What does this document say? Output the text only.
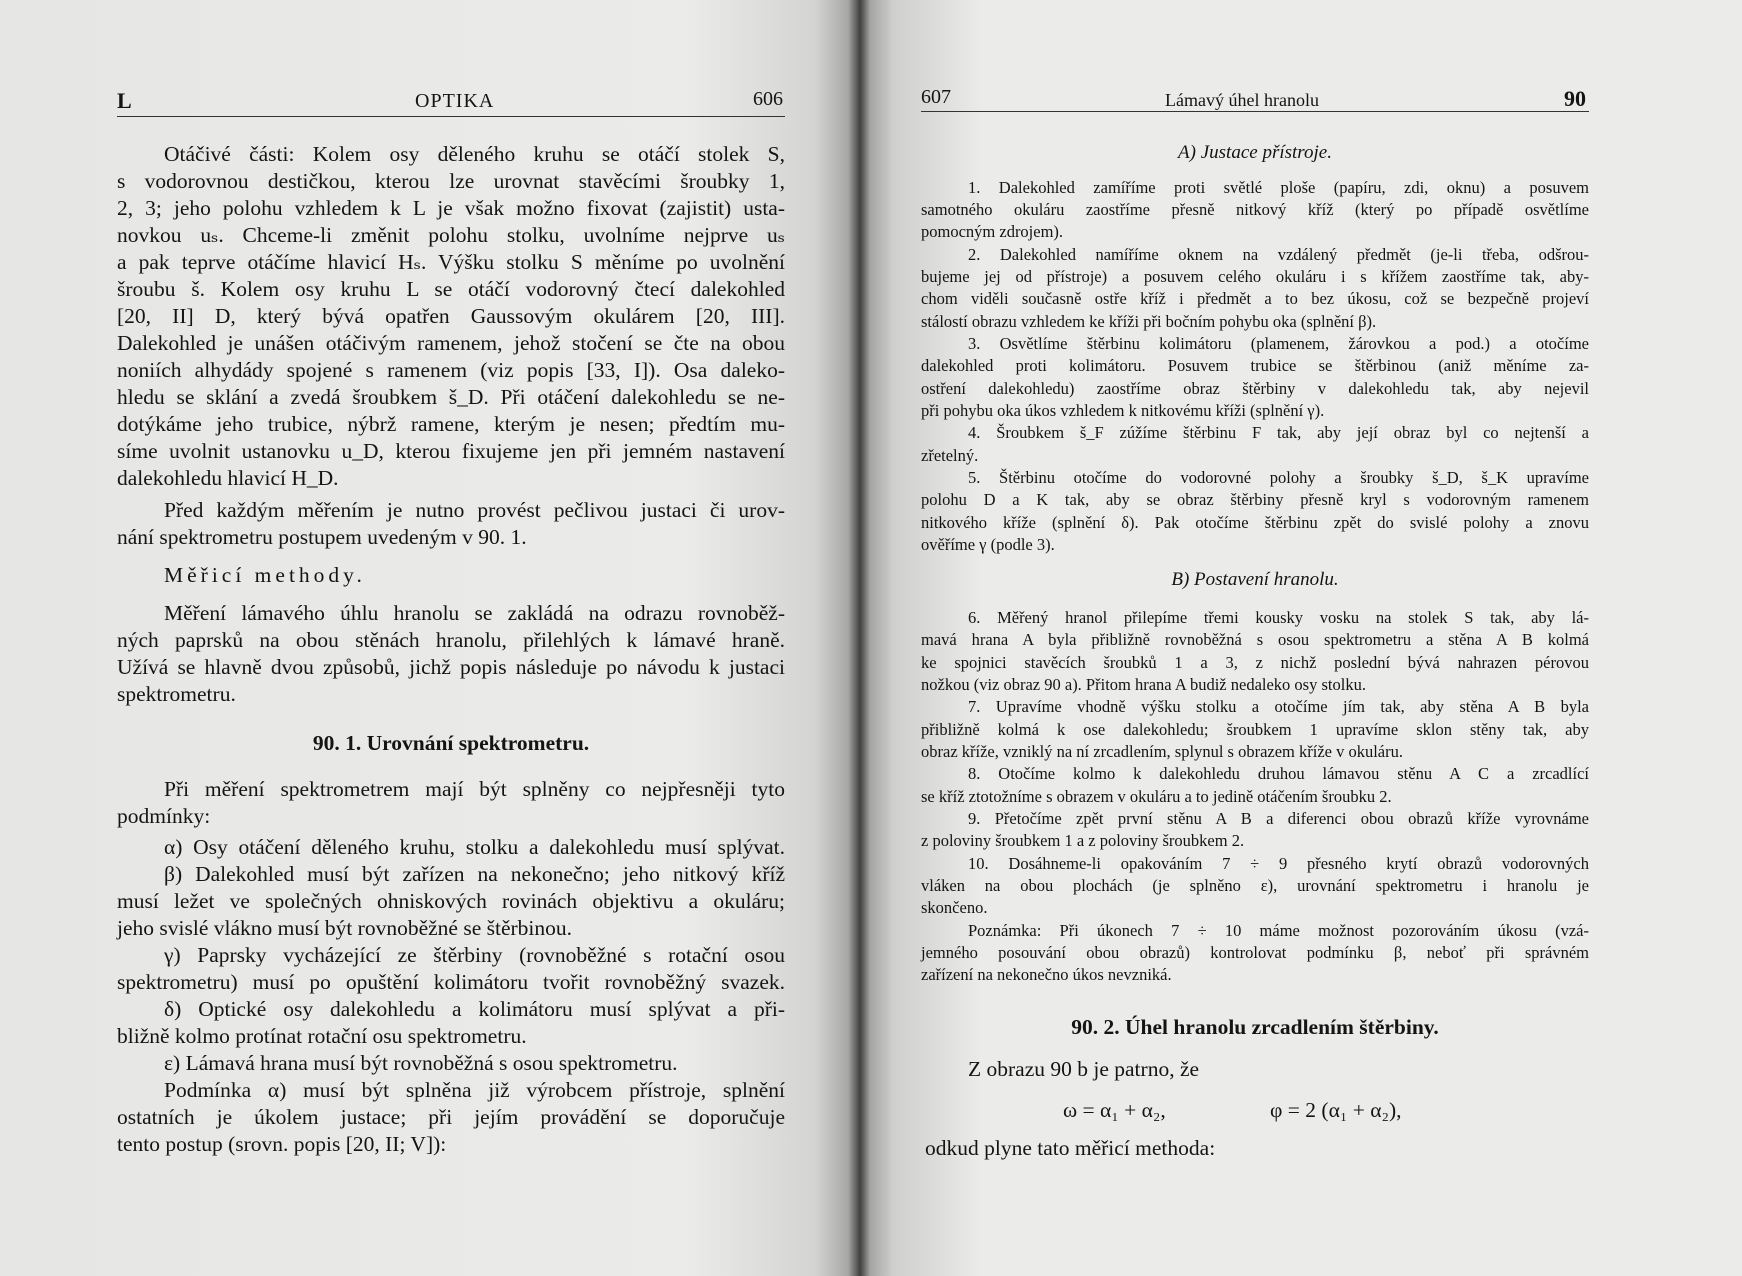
L	OPTIKA	606
Otáčivé části: Kolem osy děleného kruhu se otáčí stolek S,
s vodorovnou destičkou, kterou lze urovnat stavěcími šroubky 1,
2, 3; jeho polohu vzhledem k L je však možno fixovat (zajistit) usta-
novkou uₛ. Chceme-li změnit polohu stolku, uvolníme nejprve uₛ
a pak teprve otáčíme hlavicí Hₛ. Výšku stolku S měníme po uvolnění
šroubu š. Kolem osy kruhu L se otáčí vodorovný čtecí dalekohled
[20, II] D, který bývá opatřen Gaussovým okulárem [20, III].
Dalekohled je unášen otáčivým ramenem, jehož stočení se čte na obou
noniích alhydády spojené s ramenem (viz popis [33, I]). Osa daleko-
hledu se sklání a zvedá šroubkem š_D. Při otáčení dalekohledu se ne-
dotýkáme jeho trubice, nýbrž ramene, kterým je nesen; předtím mu-
síme uvolnit ustanovku u_D, kterou fixujeme jen při jemném nastavení
dalekohledu hlavicí H_D.
Před každým měřením je nutno provést pečlivou justaci či urov-
nání spektrometru postupem uvedeným v 90. 1.
Měřicí methody.
Měření lámavého úhlu hranolu se zakládá na odrazu rovnoběž-
ných paprsků na obou stěnách hranolu, přilehlých k lámavé hraně.
Užívá se hlavně dvou způsobů, jichž popis následuje po návodu k justaci
spektrometru.
90. 1. Urovnání spektrometru.
Při měření spektrometrem mají být splněny co nejpřesněji tyto
podmínky:
α) Osy otáčení děleného kruhu, stolku a dalekohledu musí splývat.
β) Dalekohled musí být zařízen na nekonečno; jeho nitkový kříž
musí ležet ve společných ohniskových rovinách objektivu a okuláru;
jeho svislé vlákno musí být rovnoběžné se štěrbinou.
γ) Paprsky vycházející ze štěrbiny (rovnoběžné s rotační osou
spektrometru) musí po opuštění kolimátoru tvořit rovnoběžný svazek.
δ) Optické osy dalekohledu a kolimátoru musí splývat a při-
bližně kolmo protínat rotační osu spektrometru.
ε) Lámavá hrana musí být rovnoběžná s osou spektrometru.
Podmínka α) musí být splněna již výrobcem přístroje, splnění
ostatních je úkolem justace; při jejím provádění se doporučuje
tento postup (srovn. popis [20, II; V]):
607	Lámavý úhel hranolu	90
A) Justace přístroje.
1. Dalekohled zamíříme proti světlé ploše (papíru, zdi, oknu) a posuvem
samotného okuláru zaostříme přesně nitkový kříž (který po případě osvětlíme
pomocným zdrojem).
2. Dalekohled namíříme oknem na vzdálený předmět (je-li třeba, odšrou-
bujeme jej od přístroje) a posuvem celého okuláru i s křížem zaostříme tak, aby-
chom viděli současně ostře kříž i předmět a to bez úkosu, což se bezpečně projeví
stálostí obrazu vzhledem ke kříži při bočním pohybu oka (splnění β).
3. Osvětlíme štěrbinu kolimátoru (plamenem, žárovkou a pod.) a otočíme
dalekohled proti kolimátoru. Posuvem trubice se štěrbinou (aniž měníme za-
ostření dalekohledu) zaostříme obraz štěrbiny v dalekohledu tak, aby nejevil
při pohybu oka úkos vzhledem k nitkovému kříži (splnění γ).
4. Šroubkem š_F zúžíme štěrbinu F tak, aby její obraz byl co nejtenší a
zřetelný.
5. Štěrbinu otočíme do vodorovné polohy a šroubky š_D, š_K upravíme
polohu D a K tak, aby se obraz štěrbiny přesně kryl s vodorovným ramenem
nitkového kříže (splnění δ). Pak otočíme štěrbinu zpět do svislé polohy a znovu
ověříme γ (podle 3).
B) Postavení hranolu.
6. Měřený hranol přilepíme třemi kousky vosku na stolek S tak, aby lá-
mavá hrana A byla přibližně rovnoběžná s osou spektrometru a stěna A B kolmá
ke spojnici stavěcích šroubků 1 a 3, z nichž poslední bývá nahrazen pérovou
nožkou (viz obraz 90 a). Přitom hrana A budiž nedaleko osy stolku.
7. Upravíme vhodně výšku stolku a otočíme jím tak, aby stěna A B byla
přibližně kolmá k ose dalekohledu; šroubkem 1 upravíme sklon stěny tak, aby
obraz kříže, vzniklý na ní zrcadlením, splynul s obrazem kříže v okuláru.
8. Otočíme kolmo k dalekohledu druhou lámavou stěnu A C a zrcadlící
se kříž ztotožníme s obrazem v okuláru a to jedině otáčením šroubku 2.
9. Přetočíme zpět první stěnu A B a diferenci obou obrazů kříže vyrovnáme
z poloviny šroubkem 1 a z poloviny šroubkem 2.
10. Dosáhneme-li opakováním 7 ÷ 9 přesného krytí obrazů vodorovných
vláken na obou plochách (je splněno ε), urovnání spektrometru i hranolu je
skončeno.
Poznámka: Při úkonech 7 ÷ 10 máme možnost pozorováním úkosu (vzá-
jemného posouvání obou obrazů) kontrolovat podmínku β, neboť při správném
zařízení na nekonečno úkos nevzniká.
90. 2. Úhel hranolu zrcadlením štěrbiny.
Z obrazu 90 b je patrno, že
ω = α₁ + α₂,	φ = 2 (α₁ + α₂),
odkud plyne tato měřicí methoda:
